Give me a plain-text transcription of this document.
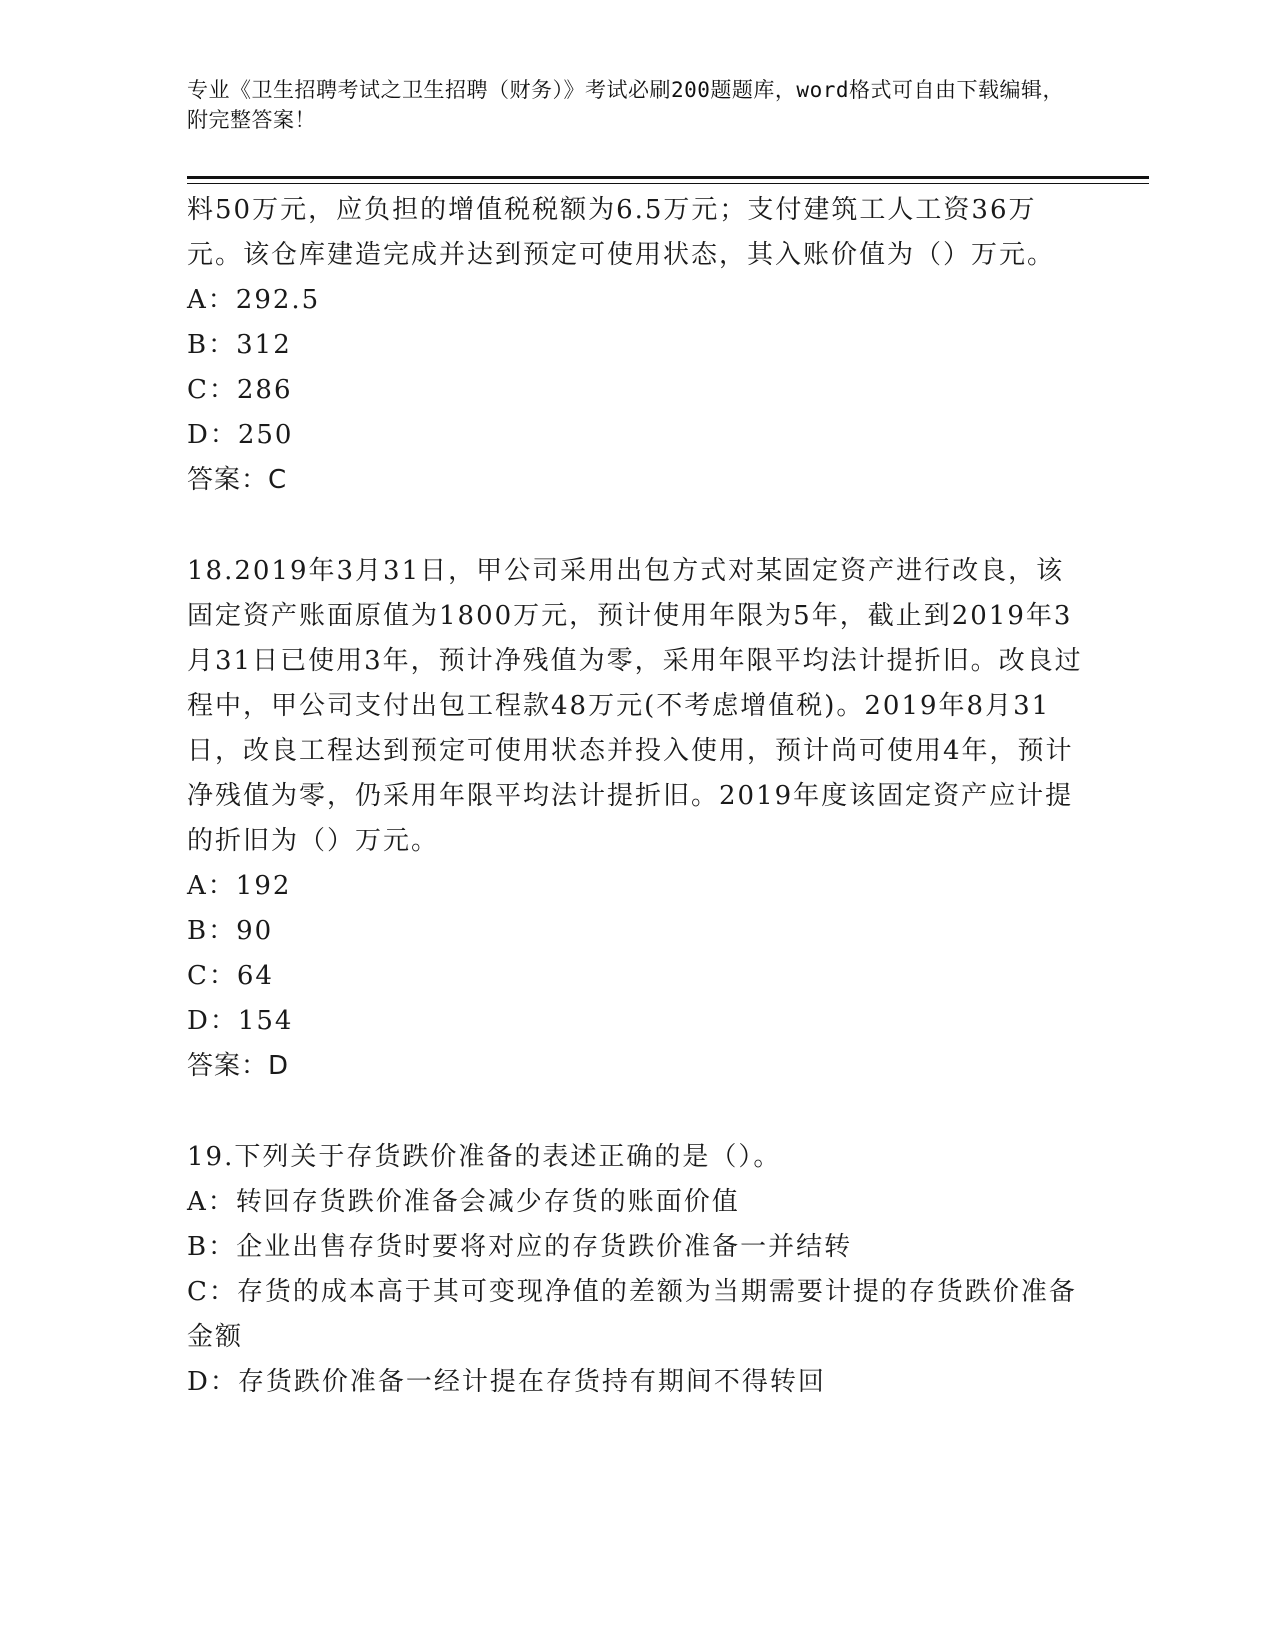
专业《卫生招聘考试之卫生招聘（财务）》考试必刷200题题库，word格式可自由下载编辑，附完整答案！

料50万元，应负担的增值税税额为6.5万元；支付建筑工人工资36万元。该仓库建造完成并达到预定可使用状态，其入账价值为（）万元。

A：292.5

B：312

C：286

D：250

答案：C

18.2019年3月31日，甲公司采用出包方式对某固定资产进行改良，该固定资产账面原值为1800万元，预计使用年限为5年，截止到2019年3月31日已使用3年，预计净残值为零，采用年限平均法计提折旧。改良过程中，甲公司支付出包工程款48万元(不考虑增值税)。2019年8月31日，改良工程达到预定可使用状态并投入使用，预计尚可使用4年，预计净残值为零，仍采用年限平均法计提折旧。2019年度该固定资产应计提的折旧为（）万元。

A：192

B：90

C：64

D：154

答案：D

19.下列关于存货跌价准备的表述正确的是（）。

A：转回存货跌价准备会减少存货的账面价值

B：企业出售存货时要将对应的存货跌价准备一并结转

C：存货的成本高于其可变现净值的差额为当期需要计提的存货跌价准备金额

D：存货跌价准备一经计提在存货持有期间不得转回
